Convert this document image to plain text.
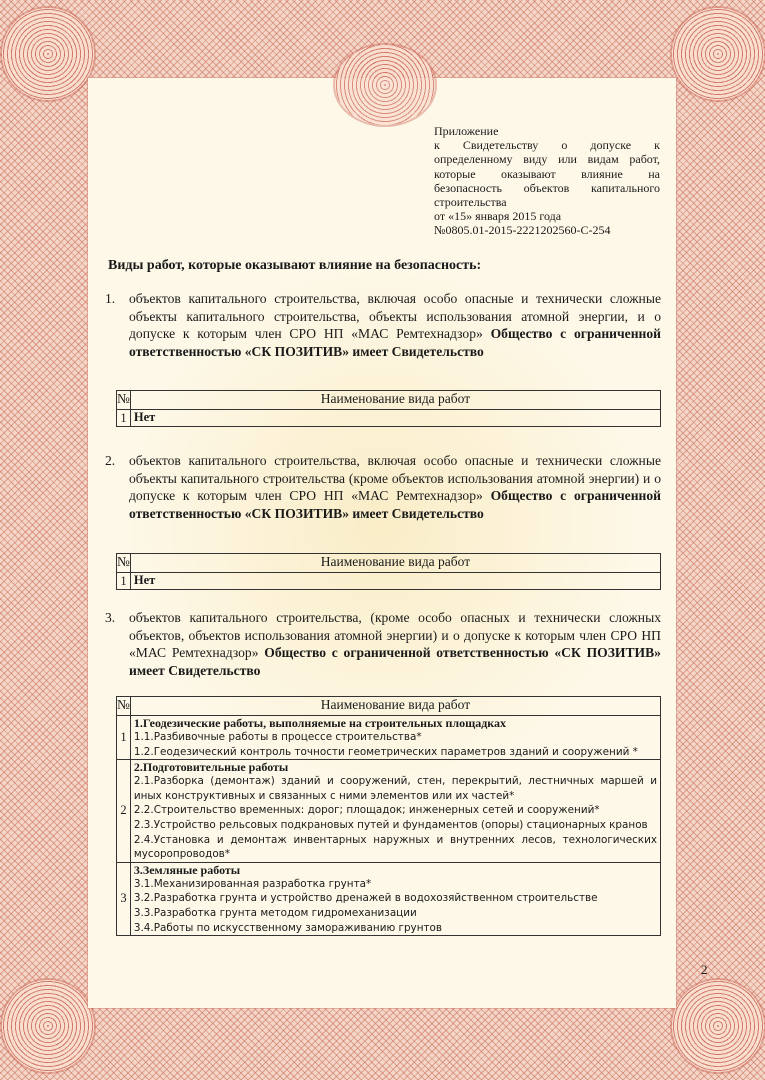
Приложение
к Свидетельству о допуске к
определенному виду или видам работ,
которые оказывают влияние на
безопасность объектов капитального
строительства
от «15» января 2015 года
№0805.01-2015-2221202560-С-254
Виды работ, которые оказывают влияние на безопасность:
1. объектов капитального строительства, включая особо опасные и технически сложные объекты капитального строительства, объекты использования атомной энергии, и о допуске к которым член СРО НП «МАС Ремтехнадзор» Общество с ограниченной ответственностью «СК ПОЗИТИВ» имеет Свидетельство
№	Наименование вида работ
1	Нет
2. объектов капитального строительства, включая особо опасные и технически сложные объекты капитального строительства (кроме объектов использования атомной энергии) и о допуске к которым член СРО НП «МАС Ремтехнадзор» Общество с ограниченной ответственностью «СК ПОЗИТИВ» имеет Свидетельство
№	Наименование вида работ
1	Нет
3. объектов капитального строительства, (кроме особо опасных и технически сложных объектов, объектов использования атомной энергии) и о допуске к которым член СРО НП «МАС Ремтехнадзор» Общество с ограниченной ответственностью «СК ПОЗИТИВ» имеет Свидетельство
№	Наименование вида работ
1	1.Геодезические работы, выполняемые на строительных площадках
1.1.Разбивочные работы в процессе строительства*
1.2.Геодезический контроль точности геометрических параметров зданий и сооружений *

2	2.Подготовительные работы
2.1.Разборка (демонтаж) зданий и сооружений, стен, перекрытий, лестничных маршей и иных конструктивных и связанных с ними элементов или их частей*
2.2.Строительство временных: дорог; площадок; инженерных сетей и сооружений*
2.3.Устройство рельсовых подкрановых путей и фундаментов (опоры) стационарных кранов
2.4.Установка и демонтаж инвентарных наружных и внутренних лесов, технологических мусоропроводов*

3	3.Земляные работы
3.1.Механизированная разработка грунта*
3.2.Разработка грунта и устройство дренажей в водохозяйственном строительстве
3.3.Разработка грунта методом гидромеханизации
3.4.Работы по искусственному замораживанию грунтов
2
